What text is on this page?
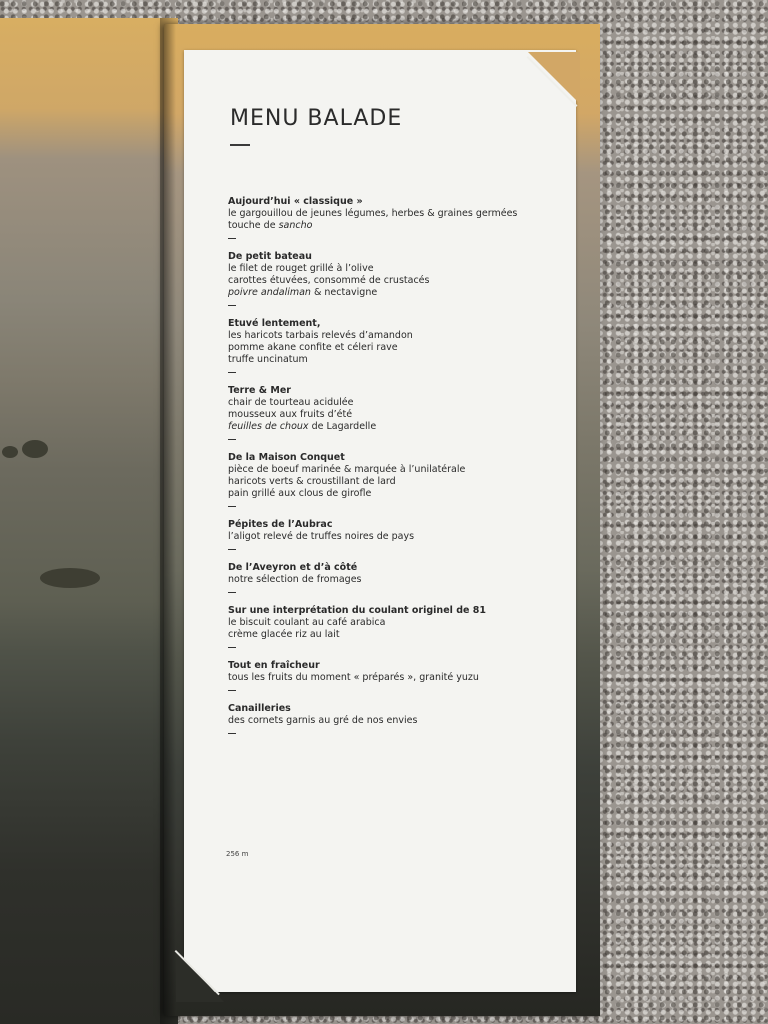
MENU BALADE
Aujourd’hui « classique »
le gargouillou de jeunes légumes, herbes & graines germées
touche de sancho
De petit bateau
le filet de rouget grillé à l’olive
carottes étuvées, consommé de crustacés
poivre andaliman & nectavigne
Etuvé lentement,
les haricots tarbais relevés d’amandon
pomme akane confite et céleri rave
truffe uncinatum
Terre & Mer
chair de tourteau acidulée
mousseux aux fruits d’été
feuilles de choux de Lagardelle
De la Maison Conquet
pièce de boeuf marinée & marquée à l’unilatérale
haricots verts & croustillant de lard
pain grillé aux clous de girofle
Pépites de l’Aubrac
l’aligot relevé de truffes noires de pays
De l’Aveyron et d’à côté
notre sélection de fromages
Sur une interprétation du coulant originel de 81
le biscuit coulant au café arabica
crème glacée riz au lait
Tout en fraîcheur
tous les fruits du moment « préparés », granité yuzu
Canailleries
des cornets garnis au gré de nos envies
256 m
